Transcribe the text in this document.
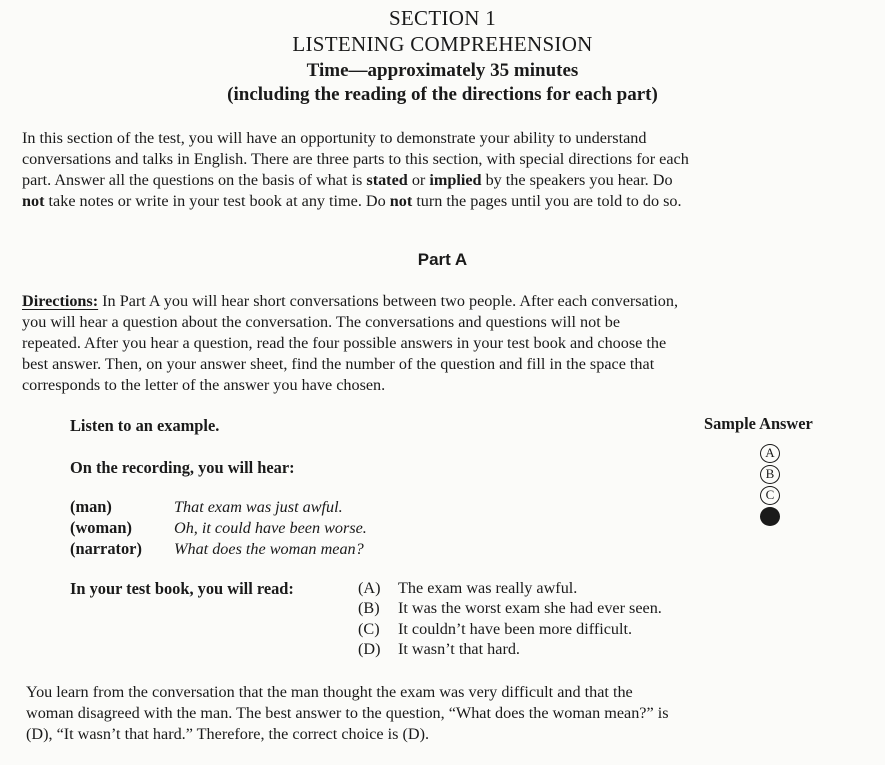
SECTION 1
LISTENING COMPREHENSION
Time—approximately 35 minutes
(including the reading of the directions for each part)
In this section of the test, you will have an opportunity to demonstrate your ability to understand
conversations and talks in English. There are three parts to this section, with special directions for each
part. Answer all the questions on the basis of what is stated or implied by the speakers you hear. Do
not take notes or write in your test book at any time. Do not turn the pages until you are told to do so.
Part A
Directions: In Part A you will hear short conversations between two people. After each conversation,
you will hear a question about the conversation. The conversations and questions will not be
repeated. After you hear a question, read the four possible answers in your test book and choose the
best answer. Then, on your answer sheet, find the number of the question and fill in the space that
corresponds to the letter of the answer you have chosen.
Listen to an example.	Sample Answer
A
B
C
On the recording, you will hear:
(man)	That exam was just awful.
(woman)	Oh, it could have been worse.
(narrator) What does the woman mean?
In your test book, you will read:	(A) The exam was really awful.
(B) It was the worst exam she had ever seen.
(C) It couldn’t have been more difficult.
(D) It wasn’t that hard.
You learn from the conversation that the man thought the exam was very difficult and that the
woman disagreed with the man. The best answer to the question, “What does the woman mean?” is
(D), “It wasn’t that hard.” Therefore, the correct choice is (D).
